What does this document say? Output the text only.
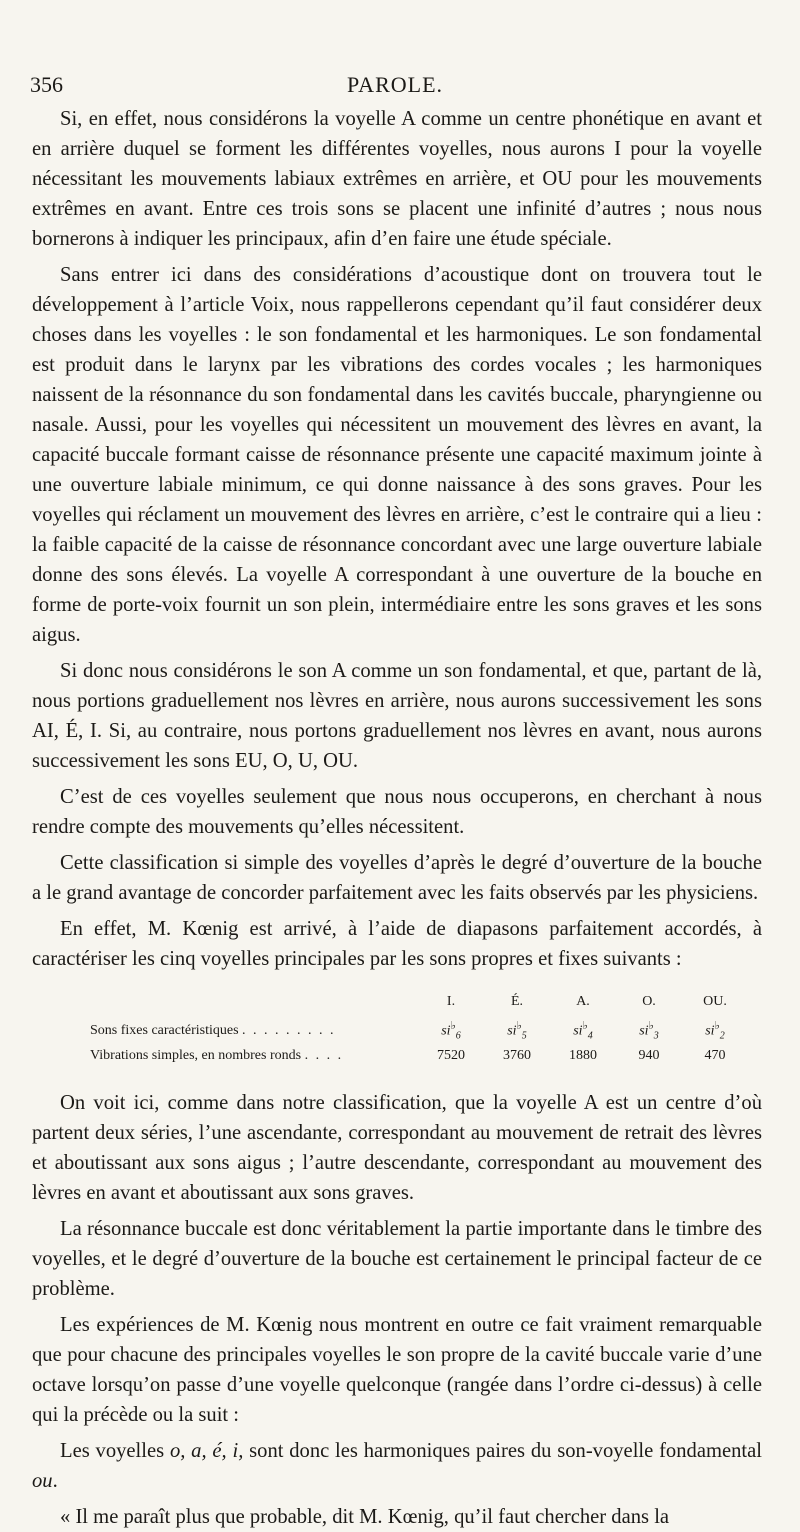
356	PAROLE.

Si, en effet, nous considérons la voyelle A comme un centre phonétique en avant et en arrière duquel se forment les différentes voyelles, nous aurons I pour la voyelle nécessitant les mouvements labiaux extrêmes en arrière, et OU pour les mouvements extrêmes en avant. Entre ces trois sons se placent une infinité d’autres ; nous nous bornerons à indiquer les principaux, afin d’en faire une étude spéciale.

Sans entrer ici dans des considérations d’acoustique dont on trouvera tout le développement à l’article Voix, nous rappellerons cependant qu’il faut considérer deux choses dans les voyelles : le son fondamental et les harmoniques. Le son fondamental est produit dans le larynx par les vibrations des cordes vocales ; les harmoniques naissent de la résonnance du son fondamental dans les cavités buccale, pharyngienne ou nasale. Aussi, pour les voyelles qui nécessitent un mouvement des lèvres en avant, la capacité buccale formant caisse de résonnance présente une capacité maximum jointe à une ouverture labiale minimum, ce qui donne naissance à des sons graves. Pour les voyelles qui réclament un mouvement des lèvres en arrière, c’est le contraire qui a lieu : la faible capacité de la caisse de résonnance concordant avec une large ouverture labiale donne des sons élevés. La voyelle A correspondant à une ouverture de la bouche en forme de porte-voix fournit un son plein, intermédiaire entre les sons graves et les sons aigus.

Si donc nous considérons le son A comme un son fondamental, et que, partant de là, nous portions graduellement nos lèvres en arrière, nous aurons successivement les sons AI, É, I. Si, au contraire, nous portons graduellement nos lèvres en avant, nous aurons successivement les sons EU, O, U, OU.

C’est de ces voyelles seulement que nous nous occuperons, en cherchant à nous rendre compte des mouvements qu’elles nécessitent.

Cette classification si simple des voyelles d’après le degré d’ouverture de la bouche a le grand avantage de concorder parfaitement avec les faits observés par les physiciens.

En effet, M. Kœnig est arrivé, à l’aide de diapasons parfaitement accordés, à caractériser les cinq voyelles principales par les sons propres et fixes suivants :

	I.	É.	A.	O.	OU.
Sons fixes caractéristiques . . . . . . . . .	$si^♭_6$	$si^♭_5$	$si^♭_4$	$si^♭_3$	$si^♭_2$
Vibrations simples, en nombres ronds . . . .	7520	3760	1880	940	470

On voit ici, comme dans notre classification, que la voyelle A est un centre d’où partent deux séries, l’une ascendante, correspondant au mouvement de retrait des lèvres et aboutissant aux sons aigus ; l’autre descendante, correspondant au mouvement des lèvres en avant et aboutissant aux sons graves.

La résonnance buccale est donc véritablement la partie importante dans le timbre des voyelles, et le degré d’ouverture de la bouche est certainement le principal facteur de ce problème.

Les expériences de M. Kœnig nous montrent en outre ce fait vraiment remarquable que pour chacune des principales voyelles le son propre de la cavité buccale varie d’une octave lorsqu’on passe d’une voyelle quelconque (rangée dans l’ordre ci-dessus) à celle qui la précède ou la suit :

Les voyelles o, a, é, i, sont donc les harmoniques paires du son-voyelle fondamental ou.

« Il me paraît plus que probable, dit M. Kœnig, qu’il faut chercher dans la
